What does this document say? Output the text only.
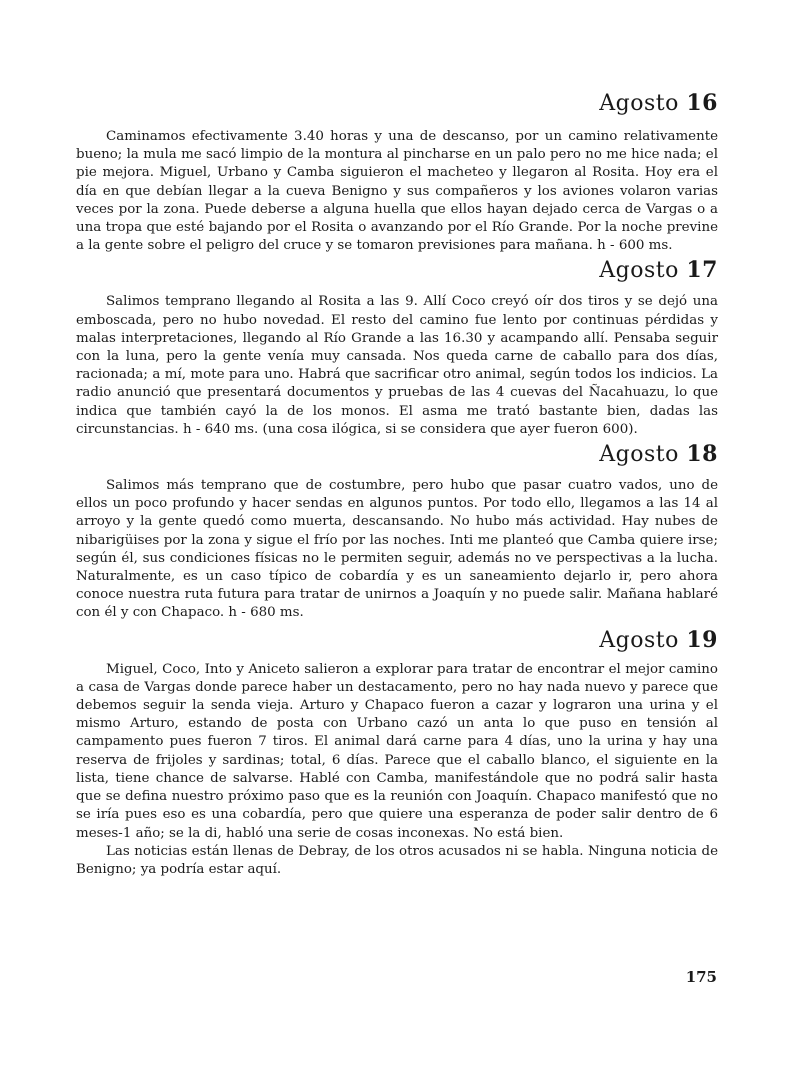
Agosto 16

Caminamos efectivamente 3.40 horas y una de descanso, por un camino relativamente bueno; la mula me sacó limpio de la montura al pincharse en un palo pero no me hice nada; el pie mejora. Miguel, Urbano y Camba siguieron el macheteo y llegaron al Rosita. Hoy era el día en que debían llegar a la cueva Benigno y sus compañeros y los aviones volaron varias veces por la zona. Puede deberse a alguna huella que ellos hayan dejado cerca de Vargas o a una tropa que esté bajando por el Rosita o avanzando por el Río Grande. Por la noche previne a la gente sobre el peligro del cruce y se tomaron previsiones para mañana. h - 600 ms.

Agosto 17

Salimos temprano llegando al Rosita a las 9. Allí Coco creyó oír dos tiros y se dejó una emboscada, pero no hubo novedad. El resto del camino fue lento por continuas pérdidas y malas interpretaciones, llegando al Río Grande a las 16.30 y acampando allí. Pensaba seguir con la luna, pero la gente venía muy cansada. Nos queda carne de caballo para dos días, racionada; a mí, mote para uno. Habrá que sacrificar otro animal, según todos los indicios. La radio anunció que presentará documentos y pruebas de las 4 cuevas del Ñacahuazu, lo que indica que también cayó la de los monos. El asma me trató bastante bien, dadas las circunstancias. h - 640 ms. (una cosa ilógica, si se considera que ayer fueron 600).

Agosto 18

Salimos más temprano que de costumbre, pero hubo que pasar cuatro vados, uno de ellos un poco profundo y hacer sendas en algunos puntos. Por todo ello, llegamos a las 14 al arroyo y la gente quedó como muerta, descansando. No hubo más actividad. Hay nubes de nibarigüises por la zona y sigue el frío por las noches. Inti me planteó que Camba quiere irse; según él, sus condiciones físicas no le permiten seguir, además no ve perspectivas a la lucha. Naturalmente, es un caso típico de cobardía y es un saneamiento dejarlo ir, pero ahora conoce nuestra ruta futura para tratar de unirnos a Joaquín y no puede salir. Mañana hablaré con él y con Chapaco. h - 680 ms.

Agosto 19

Miguel, Coco, Into y Aniceto salieron a explorar para tratar de encontrar el mejor camino a casa de Vargas donde parece haber un destacamento, pero no hay nada nuevo y parece que debemos seguir la senda vieja. Arturo y Chapaco fueron a cazar y lograron una urina y el mismo Arturo, estando de posta con Urbano cazó un anta lo que puso en tensión al campamento pues fueron 7 tiros. El animal dará carne para 4 días, uno la urina y hay una reserva de frijoles y sardinas; total, 6 días. Parece que el caballo blanco, el siguiente en la lista, tiene chance de salvarse. Hablé con Camba, manifestándole que no podrá salir hasta que se defina nuestro próximo paso que es la reunión con Joaquín. Chapaco manifestó que no se iría pues eso es una cobardía, pero que quiere una esperanza de poder salir dentro de 6 meses-1 año; se la di, habló una serie de cosas inconexas. No está bien.

Las noticias están llenas de Debray, de los otros acusados ni se habla. Ninguna noticia de Benigno; ya podría estar aquí.

175
